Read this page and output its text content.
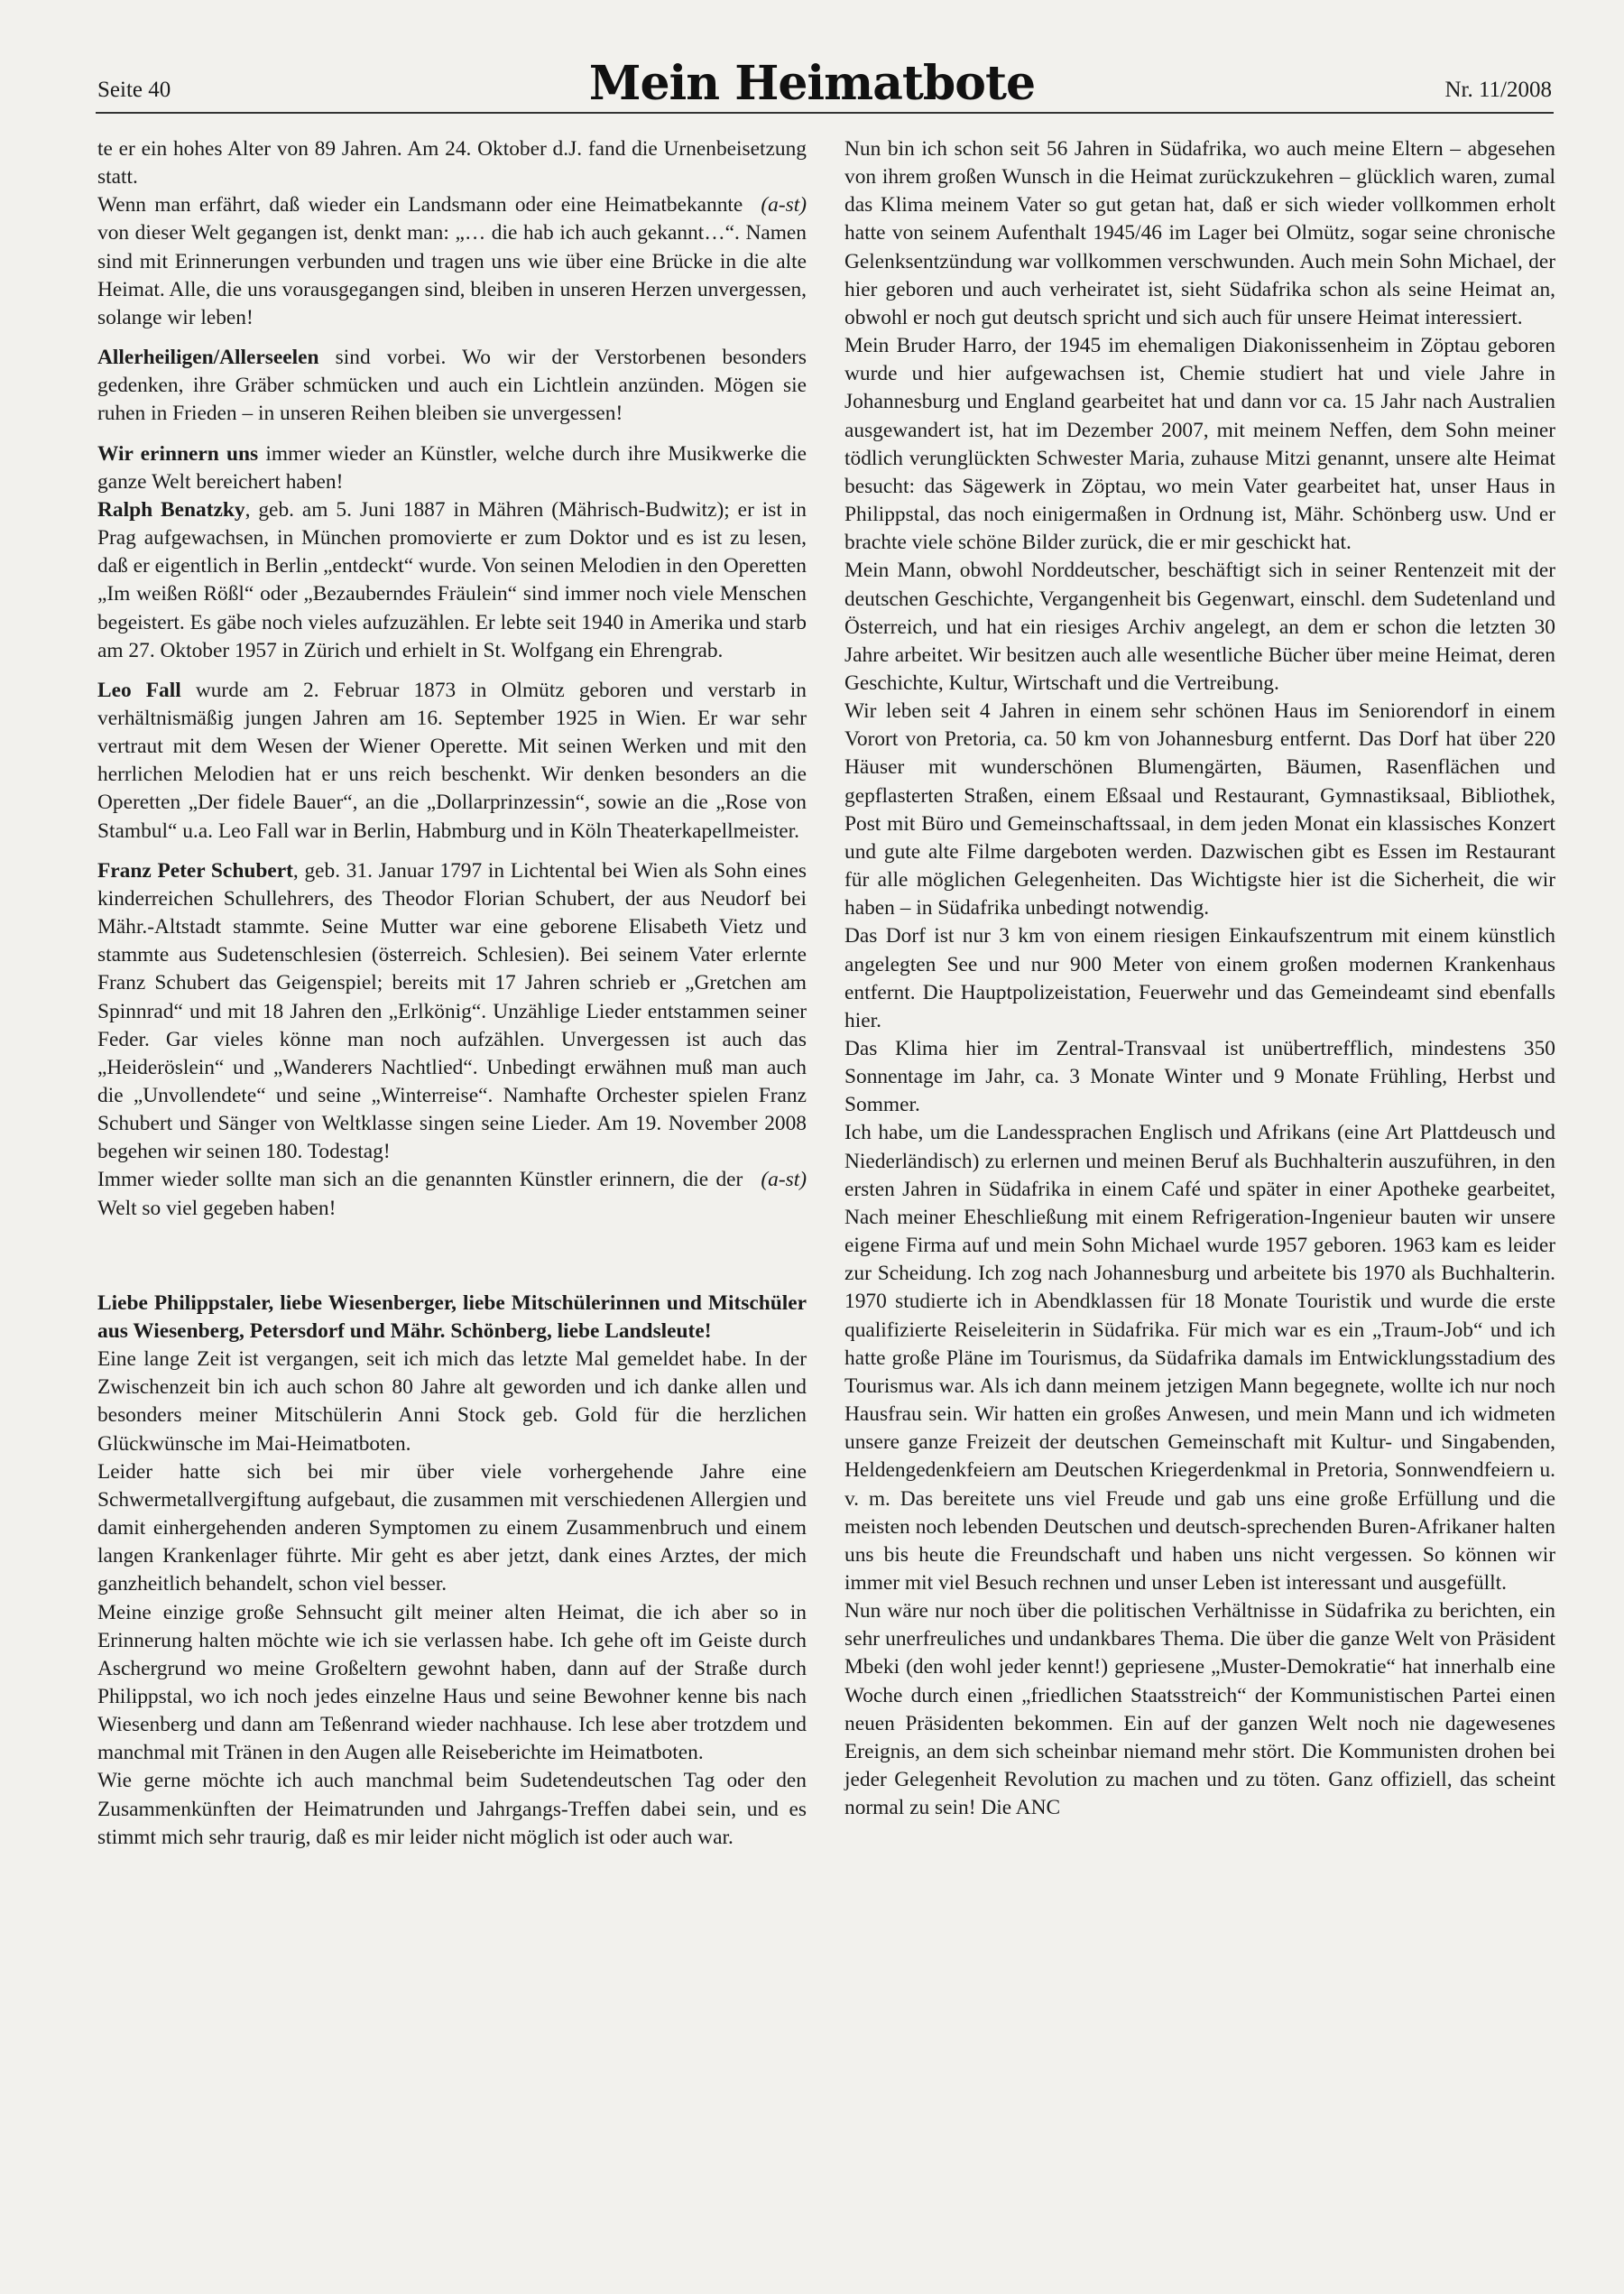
Seite 40	Mein Heimatbote	Nr. 11/2008

te er ein hohes Alter von 89 Jahren. Am 24. Oktober d.J. fand die Urnenbeisetzung statt.

(a-st)
Wenn man erfährt, daß wieder ein Landsmann oder eine Heimatbekannte von dieser Welt gegangen ist, denkt man: „… die hab ich auch gekannt…“. Namen sind mit Erinnerungen verbunden und tragen uns wie über eine Brücke in die alte Heimat. Alle, die uns vorausgegangen sind, bleiben in unseren Herzen unvergessen, solange wir leben!

Allerheiligen/Allerseelen sind vorbei. Wo wir der Verstorbenen besonders gedenken, ihre Gräber schmücken und auch ein Lichtlein anzünden. Mögen sie ruhen in Frieden – in unseren Reihen bleiben sie unvergessen!

Wir erinnern uns immer wieder an Künstler, welche durch ihre Musikwerke die ganze Welt bereichert haben!

Ralph Benatzky, geb. am 5. Juni 1887 in Mähren (Mährisch-Budwitz); er ist in Prag aufgewachsen, in München promovierte er zum Doktor und es ist zu lesen, daß er eigentlich in Berlin „entdeckt“ wurde. Von seinen Melodien in den Operetten „Im weißen Rößl“ oder „Bezauberndes Fräulein“ sind immer noch viele Menschen begeistert. Es gäbe noch vieles aufzuzählen. Er lebte seit 1940 in Amerika und starb am 27. Oktober 1957 in Zürich und erhielt in St. Wolfgang ein Ehrengrab.

Leo Fall wurde am 2. Februar 1873 in Olmütz geboren und verstarb in verhältnismäßig jungen Jahren am 16. September 1925 in Wien. Er war sehr vertraut mit dem Wesen der Wiener Operette. Mit seinen Werken und mit den herrlichen Melodien hat er uns reich beschenkt. Wir denken besonders an die Operetten „Der fidele Bauer“, an die „Dollarprinzessin“, sowie an die „Rose von Stambul“ u.a. Leo Fall war in Berlin, Habmburg und in Köln Theaterkapellmeister.

Franz Peter Schubert, geb. 31. Januar 1797 in Lichtental bei Wien als Sohn eines kinderreichen Schullehrers, des Theodor Florian Schubert, der aus Neudorf bei Mähr.-Altstadt stammte. Seine Mutter war eine geborene Elisabeth Vietz und stammte aus Sudetenschlesien (österreich. Schlesien). Bei seinem Vater erlernte Franz Schubert das Geigenspiel; bereits mit 17 Jahren schrieb er „Gretchen am Spinnrad“ und mit 18 Jahren den „Erlkönig“. Unzählige Lieder entstammen seiner Feder. Gar vieles könne man noch aufzählen. Unvergessen ist auch das „Heideröslein“ und „Wanderers Nachtlied“. Unbedingt erwähnen muß man auch die „Unvollendete“ und seine „Winterreise“. Namhafte Orchester spielen Franz Schubert und Sänger von Weltklasse singen seine Lieder. Am 19. November 2008 begehen wir seinen 180. Todestag!

(a-st)
Immer wieder sollte man sich an die genannten Künstler erinnern, die der Welt so viel gegeben haben!

Liebe Philippstaler, liebe Wiesenberger, liebe Mitschülerinnen und Mitschüler aus Wiesenberg, Petersdorf und Mähr. Schönberg, liebe Landsleute!

Eine lange Zeit ist vergangen, seit ich mich das letzte Mal gemeldet habe. In der Zwischenzeit bin ich auch schon 80 Jahre alt geworden und ich danke allen und besonders meiner Mitschülerin Anni Stock geb. Gold für die herzlichen Glückwünsche im Mai-Heimatboten.

Leider hatte sich bei mir über viele vorhergehende Jahre eine Schwermetallvergiftung aufgebaut, die zusammen mit verschiedenen Allergien und damit einhergehenden anderen Symptomen zu einem Zusammenbruch und einem langen Krankenlager führte. Mir geht es aber jetzt, dank eines Arztes, der mich ganzheitlich behandelt, schon viel besser.

Meine einzige große Sehnsucht gilt meiner alten Heimat, die ich aber so in Erinnerung halten möchte wie ich sie verlassen habe. Ich gehe oft im Geiste durch Aschergrund wo meine Großeltern gewohnt haben, dann auf der Straße durch Philippstal, wo ich noch jedes einzelne Haus und seine Bewohner kenne bis nach Wiesenberg und dann am Teßenrand wieder nachhause. Ich lese aber trotzdem und manchmal mit Tränen in den Augen alle Reiseberichte im Heimatboten.

Wie gerne möchte ich auch manchmal beim Sudetendeutschen Tag oder den Zusammenkünften der Heimatrunden und Jahrgangs-Treffen dabei sein, und es stimmt mich sehr traurig, daß es mir leider nicht möglich ist oder auch war.

Nun bin ich schon seit 56 Jahren in Südafrika, wo auch meine Eltern – abgesehen von ihrem großen Wunsch in die Heimat zurückzukehren – glücklich waren, zumal das Klima meinem Vater so gut getan hat, daß er sich wieder vollkommen erholt hatte von seinem Aufenthalt 1945/46 im Lager bei Olmütz, sogar seine chronische Gelenksentzündung war vollkommen verschwunden. Auch mein Sohn Michael, der hier geboren und auch verheiratet ist, sieht Südafrika schon als seine Heimat an, obwohl er noch gut deutsch spricht und sich auch für unsere Heimat interessiert.

Mein Bruder Harro, der 1945 im ehemaligen Diakonissenheim in Zöptau geboren wurde und hier aufgewachsen ist, Chemie studiert hat und viele Jahre in Johannesburg und England gearbeitet hat und dann vor ca. 15 Jahr nach Australien ausgewandert ist, hat im Dezember 2007, mit meinem Neffen, dem Sohn meiner tödlich verunglückten Schwester Maria, zuhause Mitzi genannt, unsere alte Heimat besucht: das Sägewerk in Zöptau, wo mein Vater gearbeitet hat, unser Haus in Philippstal, das noch einigermaßen in Ordnung ist, Mähr. Schönberg usw. Und er brachte viele schöne Bilder zurück, die er mir geschickt hat.

Mein Mann, obwohl Norddeutscher, beschäftigt sich in seiner Rentenzeit mit der deutschen Geschichte, Vergangenheit bis Gegenwart, einschl. dem Sudetenland und Österreich, und hat ein riesiges Archiv angelegt, an dem er schon die letzten 30 Jahre arbeitet. Wir besitzen auch alle wesentliche Bücher über meine Heimat, deren Geschichte, Kultur, Wirtschaft und die Vertreibung.

Wir leben seit 4 Jahren in einem sehr schönen Haus im Seniorendorf in einem Vorort von Pretoria, ca. 50 km von Johannesburg entfernt. Das Dorf hat über 220 Häuser mit wunderschönen Blumengärten, Bäumen, Rasenflächen und gepflasterten Straßen, einem Eßsaal und Restaurant, Gymnastiksaal, Bibliothek, Post mit Büro und Gemeinschaftssaal, in dem jeden Monat ein klassisches Konzert und gute alte Filme dargeboten werden. Dazwischen gibt es Essen im Restaurant für alle möglichen Gelegenheiten. Das Wichtigste hier ist die Sicherheit, die wir haben – in Südafrika unbedingt notwendig.

Das Dorf ist nur 3 km von einem riesigen Einkaufszentrum mit einem künstlich angelegten See und nur 900 Meter von einem großen modernen Krankenhaus entfernt. Die Hauptpolizeistation, Feuerwehr und das Gemeindeamt sind ebenfalls hier.

Das Klima hier im Zentral-Transvaal ist unübertrefflich, mindestens 350 Sonnentage im Jahr, ca. 3 Monate Winter und 9 Monate Frühling, Herbst und Sommer.

Ich habe, um die Landessprachen Englisch und Afrikans (eine Art Plattdeusch und Niederländisch) zu erlernen und meinen Beruf als Buchhalterin auszuführen, in den ersten Jahren in Südafrika in einem Café und später in einer Apotheke gearbeitet, Nach meiner Eheschließung mit einem Refrigeration-Ingenieur bauten wir unsere eigene Firma auf und mein Sohn Michael wurde 1957 geboren. 1963 kam es leider zur Scheidung. Ich zog nach Johannesburg und arbeitete bis 1970 als Buchhalterin. 1970 studierte ich in Abendklassen für 18 Monate Touristik und wurde die erste qualifizierte Reiseleiterin in Südafrika. Für mich war es ein „Traum-Job“ und ich hatte große Pläne im Tourismus, da Südafrika damals im Entwicklungsstadium des Tourismus war. Als ich dann meinem jetzigen Mann begegnete, wollte ich nur noch Hausfrau sein. Wir hatten ein großes Anwesen, und mein Mann und ich widmeten unsere ganze Freizeit der deutschen Gemeinschaft mit Kultur- und Singabenden, Heldengedenkfeiern am Deutschen Kriegerdenkmal in Pretoria, Sonnwendfeiern u. v. m. Das bereitete uns viel Freude und gab uns eine große Erfüllung und die meisten noch lebenden Deutschen und deutsch-sprechenden Buren-Afrikaner halten uns bis heute die Freundschaft und haben uns nicht vergessen. So können wir immer mit viel Besuch rechnen und unser Leben ist interessant und ausgefüllt.

Nun wäre nur noch über die politischen Verhältnisse in Südafrika zu berichten, ein sehr unerfreuliches und undankbares Thema. Die über die ganze Welt von Präsident Mbeki (den wohl jeder kennt!) gepriesene „Muster-Demokratie“ hat innerhalb eine Woche durch einen „friedlichen Staatsstreich“ der Kommunistischen Partei einen neuen Präsidenten bekommen. Ein auf der ganzen Welt noch nie dagewesenes Ereignis, an dem sich scheinbar niemand mehr stört. Die Kommunisten drohen bei jeder Gelegenheit Revolution zu machen und zu töten. Ganz offiziell, das scheint normal zu sein! Die ANC
